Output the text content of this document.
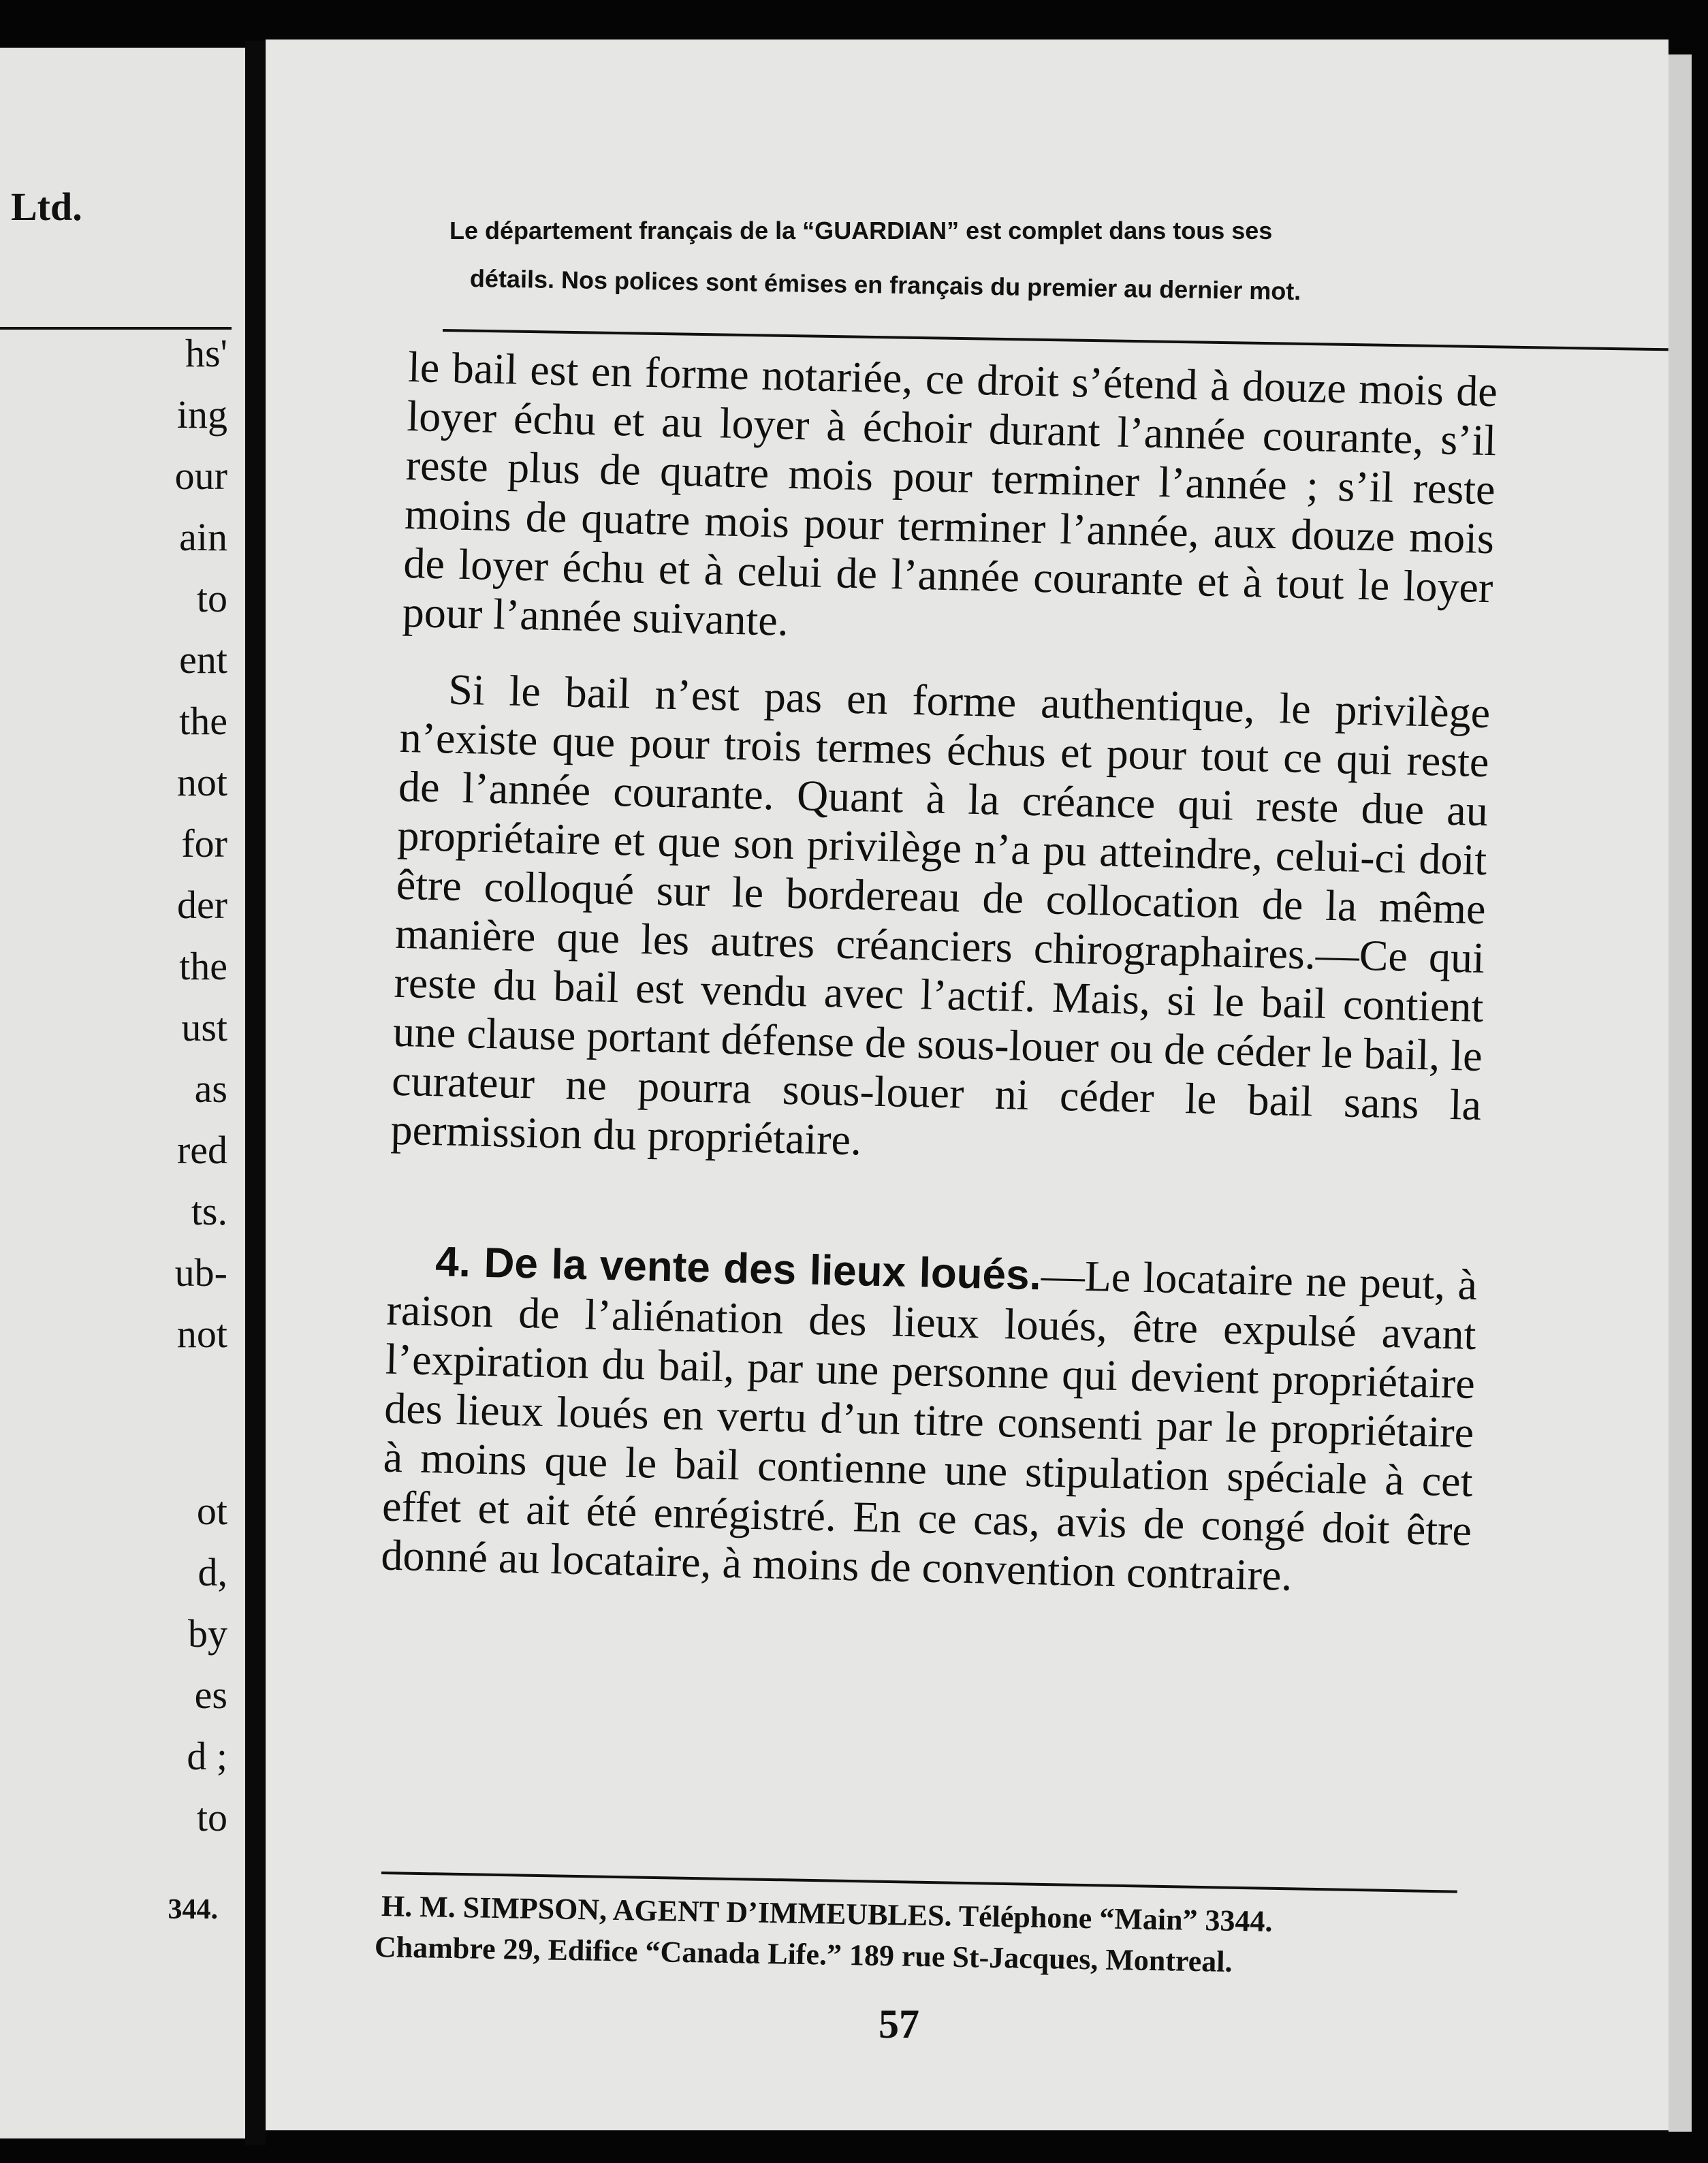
Ltd.
hs'
ing
our
ain
to
ent
the
not
for
der
the
ust
as
red
ts.
ub-
not
ot
d,
by
es
d ;
to
344.
Le département français de la “GUARDIAN” est complet dans tous ses
détails. Nos polices sont émises en français du premier au dernier mot.

le bail est en forme notariée, ce droit s’étend à douze mois de loyer échu et au loyer à échoir durant l’année courante, s’il reste plus de quatre mois pour terminer l’année ; s’il reste moins de quatre mois pour terminer l’année, aux douze mois de loyer échu et à celui de l’année courante et à tout le loyer pour l’année suivante.

Si le bail n’est pas en forme authentique, le privilège n’existe que pour trois termes échus et pour tout ce qui reste de l’année courante. Quant à la créance qui reste due au propriétaire et que son privilège n’a pu atteindre, celui-ci doit être colloqué sur le bordereau de collocation de la même manière que les autres créanciers chirographaires.—Ce qui reste du bail est vendu avec l’actif. Mais, si le bail contient une clause portant défense de sous-louer ou de céder le bail, le curateur ne pourra sous-louer ni céder le bail sans la permission du propriétaire.

4. De la vente des lieux loués.—Le locataire ne peut, à raison de l’aliénation des lieux loués, être expulsé avant l’expiration du bail, par une personne qui devient propriétaire des lieux loués en vertu d’un titre consenti par le propriétaire à moins que le bail contienne une stipulation spéciale à cet effet et ait été enrégistré. En ce cas, avis de congé doit être donné au locataire, à moins de convention contraire.

H. M. SIMPSON, AGENT D’IMMEUBLES. Téléphone “Main” 3344.
Chambre 29, Edifice “Canada Life.” 189 rue St-Jacques, Montreal.
57
